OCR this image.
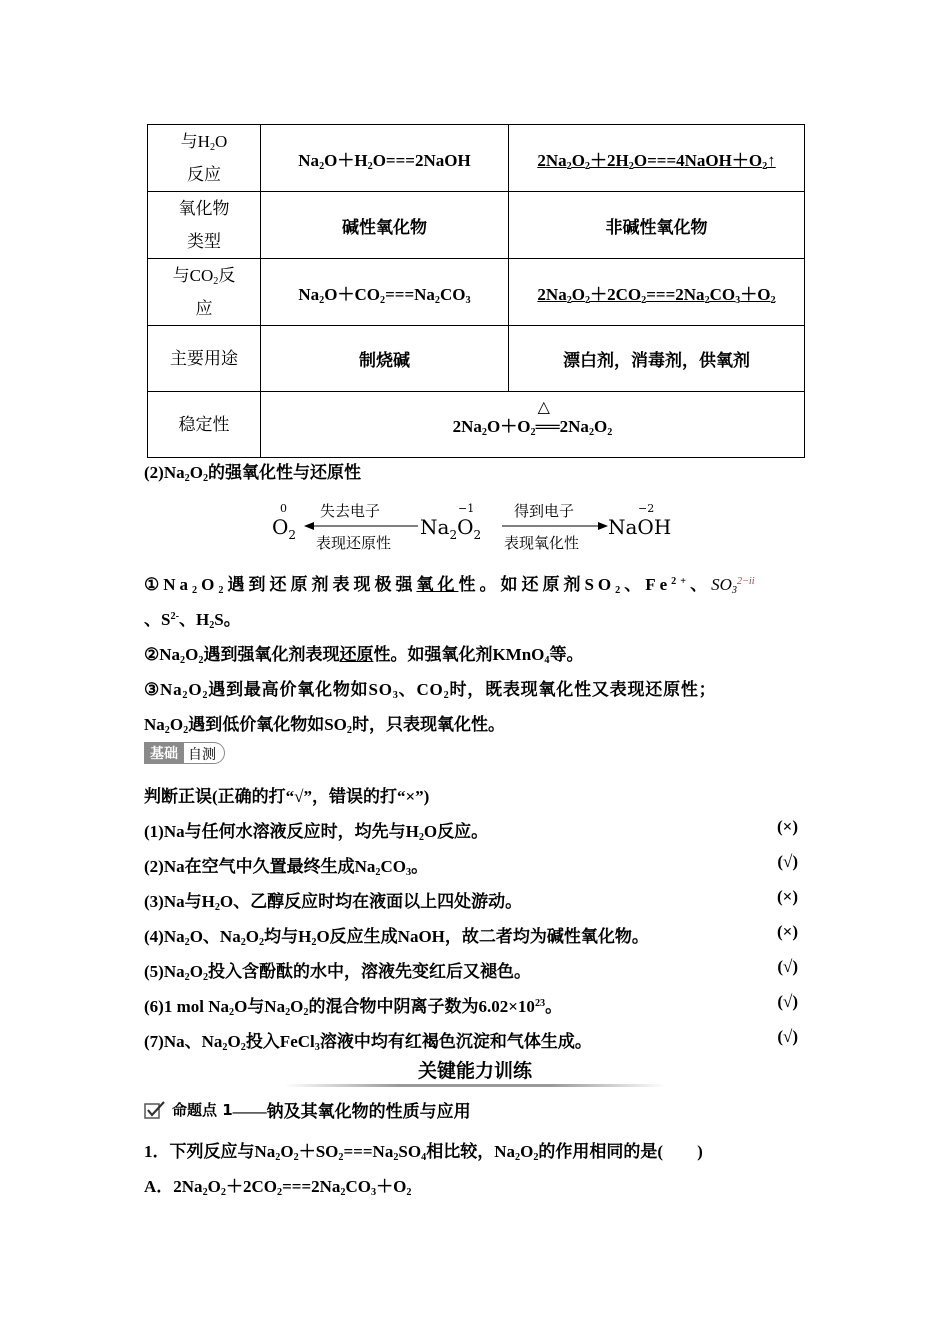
与$H_2O$
反应	$Na_2O+H_2O===2NaOH$	$2Na_2O_2+2H_2O===4NaOH+O_2↑$
氧化物
类型	碱性氧化物	非碱性氧化物
与$CO_2$反
应	$Na_2O+CO_2===Na_2CO_3$	$2Na_2O_2+2CO_2===2Na_2CO_3+O_2$
主要用途	制烧碱	漂白剂，消毒剂，供氧剂
稳定性	$2Na_2O+O_2$
△
$══2Na_2O_2$
$(2)Na_2O_2$的强氧化性与还原性
0
$O_2$
失去电子
表现还原性
−1
$Na_2O_2$
得到电子
表现氧化性
−2
NaOH
$①Na_2O_2$遇到还原剂表现极强氧化性。如还原剂$SO_2$、$Fe^{2+}$、$SO_3^{2-ii}$
、$S^{2-}$、$H_2S$。
$②Na_2O_2$遇到强氧化剂表现还原性。如强氧化剂KMnO$_4$等。
$③Na_2O_2$遇到最高价氧化物如$SO_3$、$CO_2$时，既表现氧化性又表现还原性；
$Na_2O_2$遇到低价氧化物如$SO_2$时，只表现氧化性。
基础 自测
判断正误(正确的打“√”，错误的打“×”)
(1)Na与任何水溶液反应时，均先与$H_2O$反应。	(×)
(2)Na在空气中久置最终生成$Na_2CO_3$。	(√)
(3)Na与$H_2O$、乙醇反应时均在液面以上四处游动。	(×)
$(4)Na_2O$、$Na_2O_2$均与$H_2O$反应生成NaOH，故二者均为碱性氧化物。	(×)
$(5)Na_2O_2$投入含酚酞的水中，溶液先变红后又褪色。	(√)
(6)1 mol $Na_2O$与$Na_2O_2$的混合物中阴离子数为$6.02\times 10^{23}$。	(√)
(7)Na、$Na_2O_2$投入FeCl$_3$溶液中均有红褐色沉淀和气体生成。	(√)
关键能力训练
命题点 1 ——钠及其氧化物的性质与应用
1．下列反应与$Na_2O_2+SO_2===Na_2SO_4$相比较，$Na_2O_2$的作用相同的是(　　)
A．$2Na_2O_2+2CO_2===2Na_2CO_3+O_2$
